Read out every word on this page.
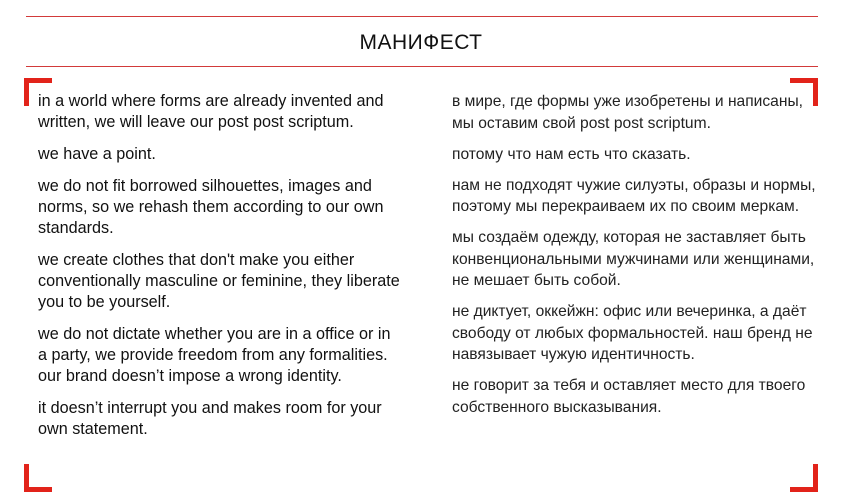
МАНИФЕСТ

in a world where forms are already invented and written, we will leave our post post scriptum.

we have a point.

we do not fit borrowed silhouettes, images and norms, so we rehash them according to our own standards.

we create clothes that don't make you either conventionally masculine or feminine, they liberate you to be yourself.

we do not dictate whether you are in a office or in a party, we provide freedom from any formalities. our brand doesn’t impose a wrong identity.

it doesn’t interrupt you and makes room for your own statement.

в мире, где формы уже изобретены и написаны, мы оставим свой post post scriptum.

потому что нам есть что сказать.

нам не подходят чужие силуэты, образы и нормы, поэтому мы перекраиваем их по своим меркам.

мы создаём одежду, которая не заставляет быть конвенциональными мужчинами или женщинами, не мешает быть собой.

не диктует, оккейжн: офис или вечеринка, а даёт свободу от любых формальностей. наш бренд не навязывает чужую идентичность.

не говорит за тебя и оставляет место для твоего собственного высказывания.
